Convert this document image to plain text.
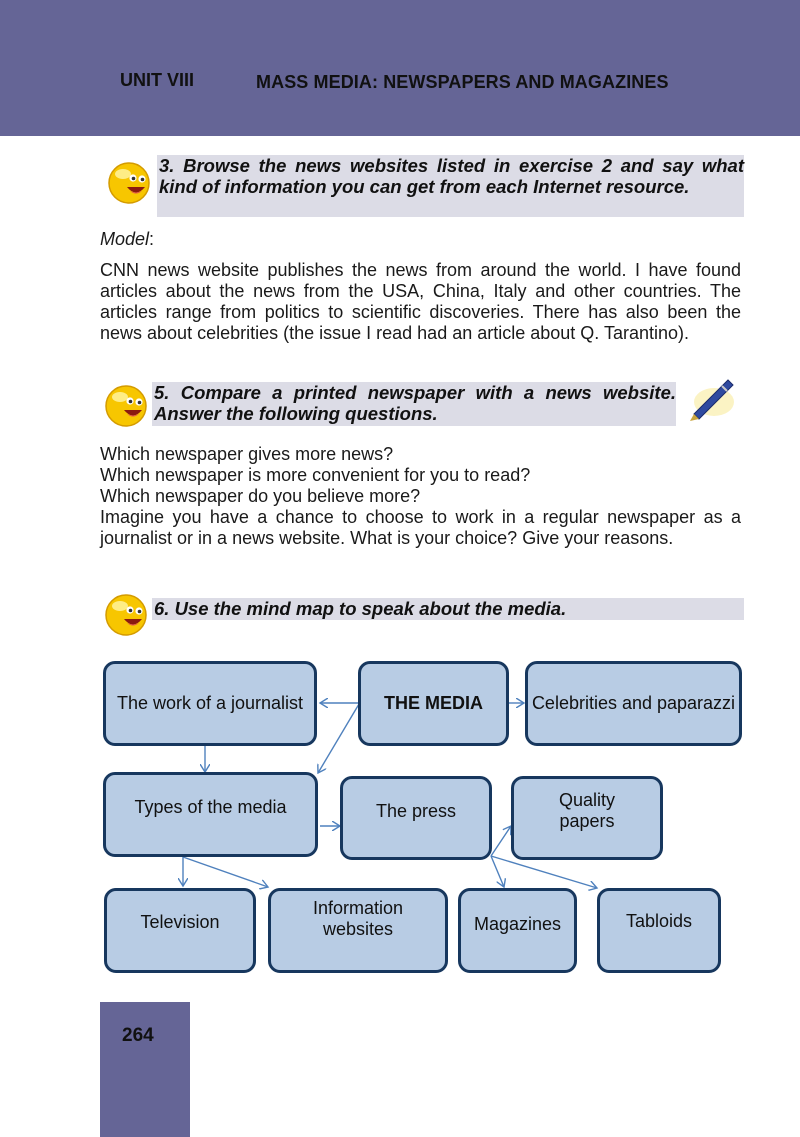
UNIT VIII	MASS MEDIA: NEWSPAPERS AND MAGAZINES
3. Browse the news websites listed in exercise 2 and say what kind of information you can get from each Internet resource.
Model:
CNN news website publishes the news from around the world. I have found articles about the news from the USA, China, Italy and other countries. The articles range from politics to scientific discoveries. There has also been the news about celebrities (the issue I read had an article about Q. Tarantino).
5. Compare a printed newspaper with a news website. Answer the following questions.
Which newspaper gives more news?
Which newspaper is more convenient for you to read?
Which newspaper do you believe more?
Imagine you have a chance to choose to work in a regular newspaper as a journalist or in a news website. What is your choice? Give your reasons.
6. Use the mind map to speak about the media.
The work of a journalist	THE MEDIA	Celebrities and paparazzi
Types of the media	The press
Quality papers
Television
Information websites	Magazines	Tabloids
264
